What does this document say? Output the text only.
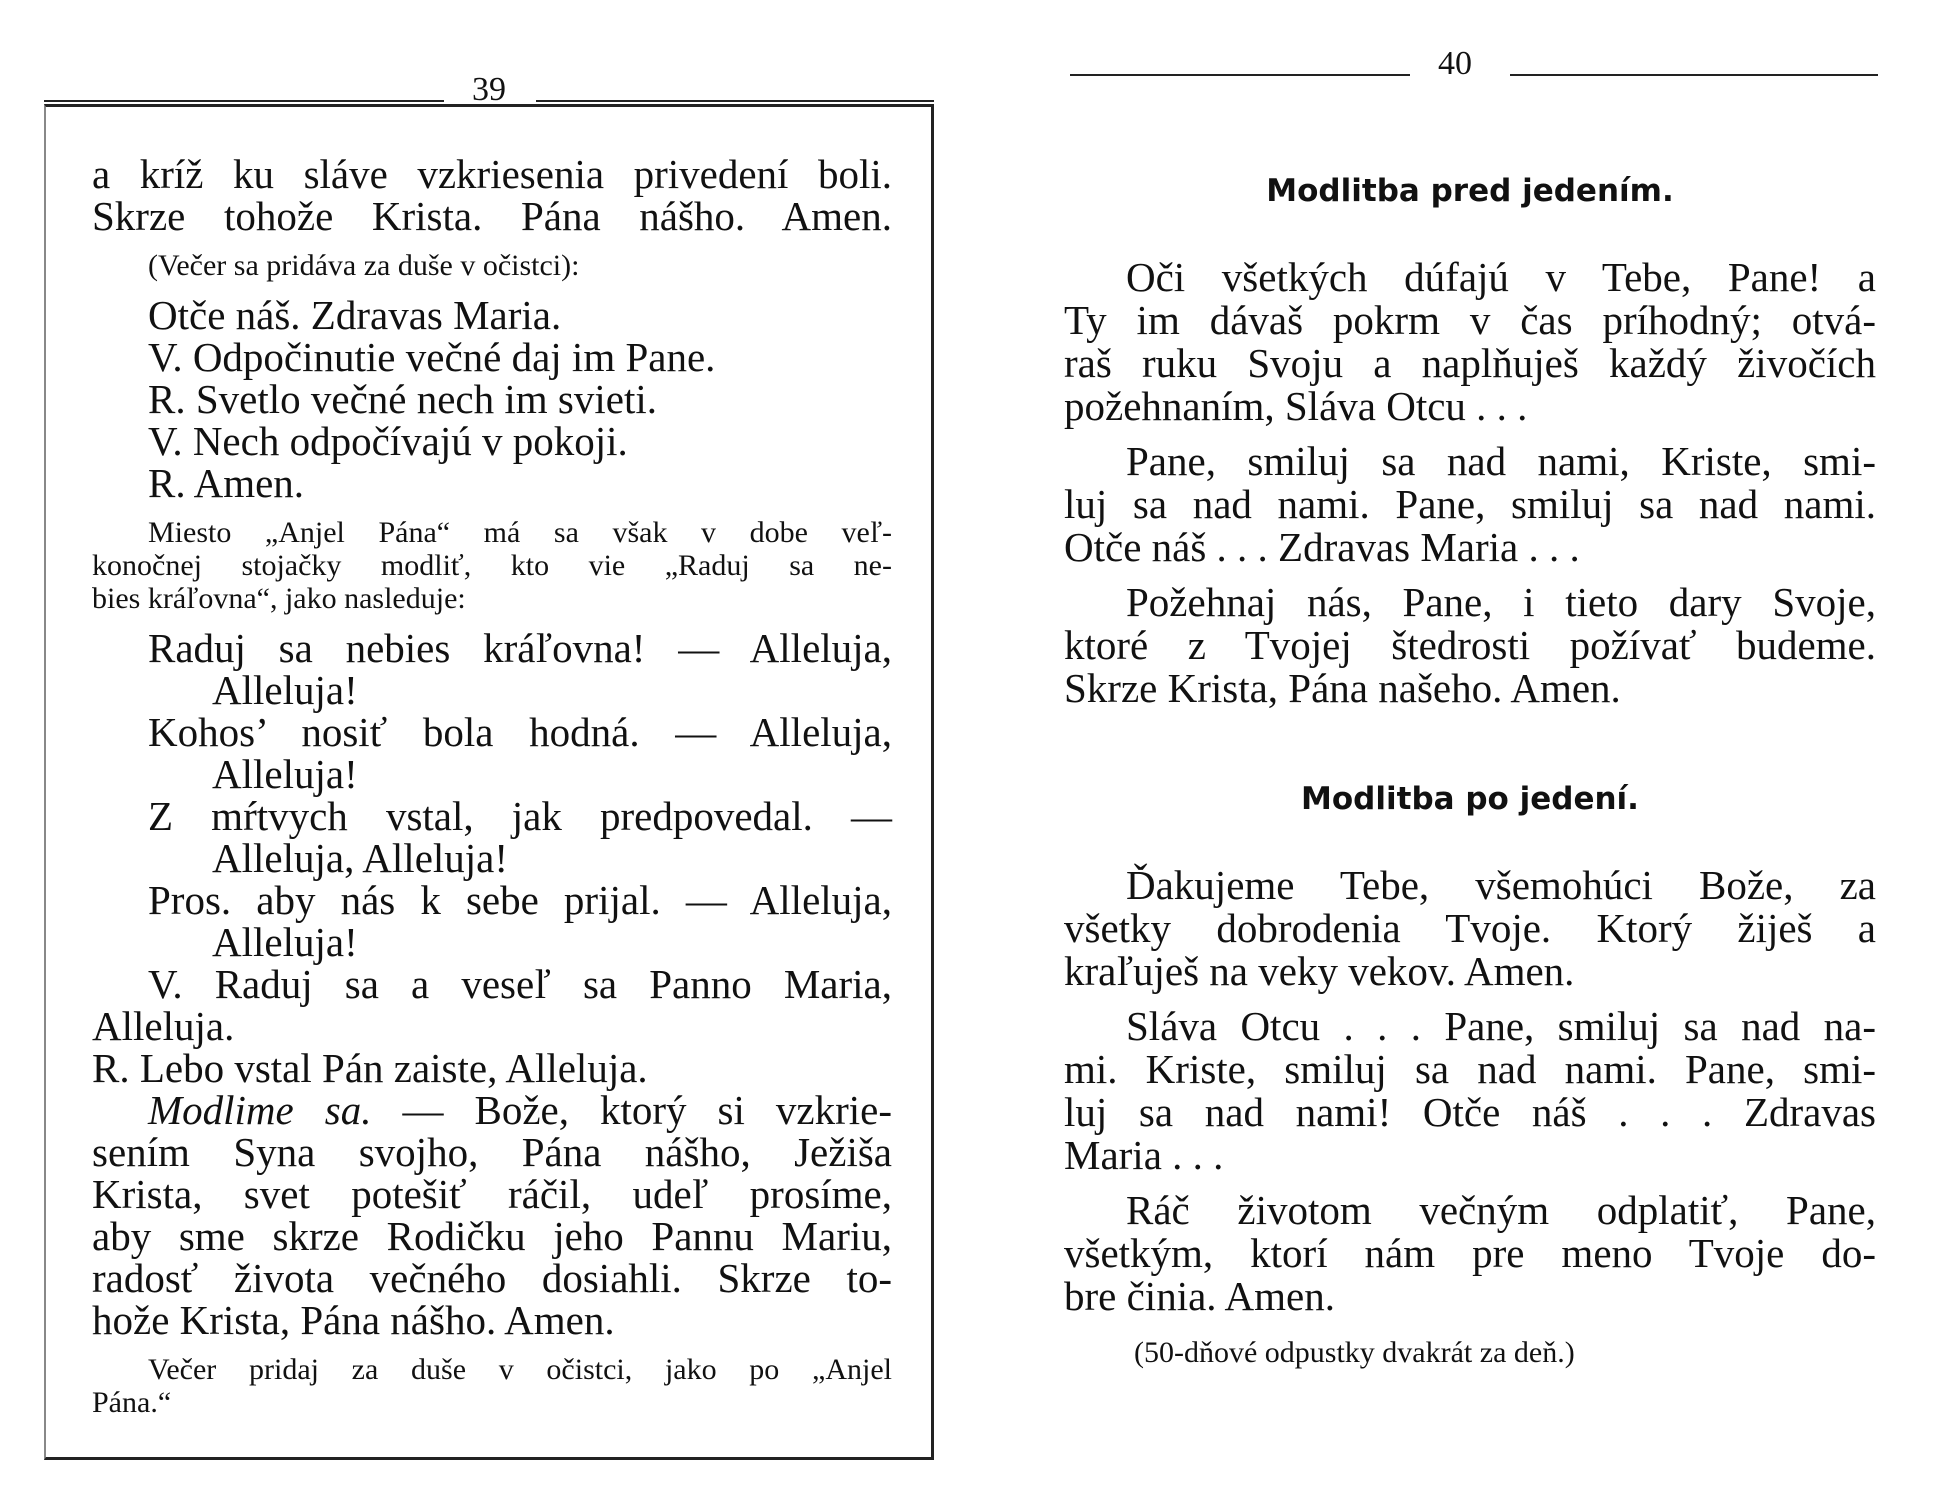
39
a kríž ku sláve vzkriesenia privedení boli.
Skrze tohože Krista. Pána nášho. Amen.
(Večer sa pridáva za duše v očistci):
Otče náš. Zdravas Maria.
V. Odpočinutie večné daj im Pane.
R. Svetlo večné nech im svieti.
V. Nech odpočívajú v pokoji.
R. Amen.
Miesto „Anjel Pána“ má sa však v dobe veľ-
konočnej stojačky modliť, kto vie „Raduj sa ne-
bies kráľovna“, jako nasleduje:
Raduj sa nebies kráľovna! — Alleluja,
Alleluja!
Kohos’ nosiť bola hodná. — Alleluja,
Alleluja!
Z mŕtvych vstal, jak predpovedal. —
Alleluja, Alleluja!
Pros. aby nás k sebe prijal. — Alleluja,
Alleluja!
V. Raduj sa a veseľ sa Panno Maria,
Alleluja.
R. Lebo vstal Pán zaiste, Alleluja.
Modlime sa. — Bože, ktorý si vzkrie-
sením Syna svojho, Pána nášho, Ježiša
Krista, svet potešiť ráčil, udeľ prosíme,
aby sme skrze Rodičku jeho Pannu Mariu,
radosť života večného dosiahli. Skrze to-
hože Krista, Pána nášho. Amen.
Večer pridaj za duše v očistci, jako po „Anjel
Pána.“
40
Modlitba pred jedením.
Oči všetkých dúfajú v Tebe, Pane! a
Ty im dávaš pokrm v čas príhodný; otvá-
raš ruku Svoju a naplňuješ každý živočích
požehnaním, Sláva Otcu . . .
Pane, smiluj sa nad nami, Kriste, smi-
luj sa nad nami. Pane, smiluj sa nad nami.
Otče náš . . . Zdravas Maria . . .
Požehnaj nás, Pane, i tieto dary Svoje,
ktoré z Tvojej štedrosti požívať budeme.
Skrze Krista, Pána našeho. Amen.
Modlitba po jedení.
Ďakujeme Tebe, všemohúci Bože, za
všetky dobrodenia Tvoje. Ktorý žiješ a
kraľuješ na veky vekov. Amen.
Sláva Otcu . . . Pane, smiluj sa nad na-
mi. Kriste, smiluj sa nad nami. Pane, smi-
luj sa nad nami! Otče náš . . . Zdravas
Maria . . .
Ráč životom večným odplatiť, Pane,
všetkým, ktorí nám pre meno Tvoje do-
bre činia. Amen.
(50-dňové odpustky dvakrát za deň.)
